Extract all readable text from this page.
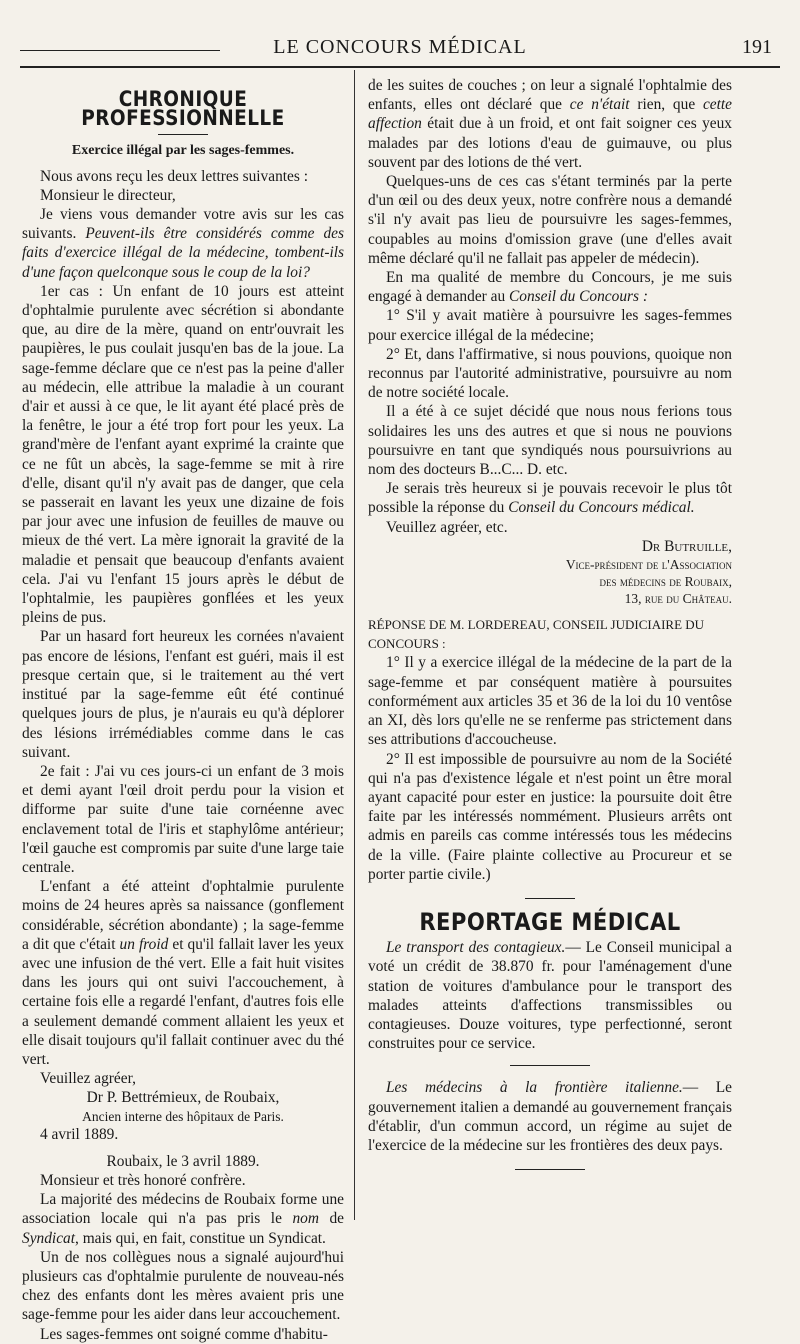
LE CONCOURS MÉDICAL	191
CHRONIQUE PROFESSIONNELLE
Exercice illégal par les sages-femmes.

Nous avons reçu les deux lettres suivantes :

Monsieur le directeur,

Je viens vous demander votre avis sur les cas suivants. Peuvent-ils être considérés comme des faits d'exercice illégal de la médecine, tombent-ils d'une façon quelconque sous le coup de la loi?

1er cas : Un enfant de 10 jours est atteint d'ophtalmie purulente avec sécrétion si abondante que, au dire de la mère, quand on entr'ouvrait les paupières, le pus coulait jusqu'en bas de la joue. La sage-femme déclare que ce n'est pas la peine d'aller au médecin, elle attribue la maladie à un courant d'air et aussi à ce que, le lit ayant été placé près de la fenêtre, le jour a été trop fort pour les yeux. La grand'mère de l'enfant ayant exprimé la crainte que ce ne fût un abcès, la sage-femme se mit à rire d'elle, disant qu'il n'y avait pas de danger, que cela se passerait en lavant les yeux une dizaine de fois par jour avec une infusion de feuilles de mauve ou mieux de thé vert. La mère ignorait la gravité de la maladie et pensait que beaucoup d'enfants avaient cela. J'ai vu l'enfant 15 jours après le début de l'ophtalmie, les paupières gonflées et les yeux pleins de pus.

Par un hasard fort heureux les cornées n'avaient pas encore de lésions, l'enfant est guéri, mais il est presque certain que, si le traitement au thé vert institué par la sage-femme eût été continué quelques jours de plus, je n'aurais eu qu'à déplorer des lésions irrémédiables comme dans le cas suivant.

2e fait : J'ai vu ces jours-ci un enfant de 3 mois et demi ayant l'œil droit perdu pour la vision et difforme par suite d'une taie cornéenne avec enclavement total de l'iris et staphylôme antérieur; l'œil gauche est compromis par suite d'une large taie centrale.

L'enfant a été atteint d'ophtalmie purulente moins de 24 heures après sa naissance (gonflement considérable, sécrétion abondante) ; la sage-femme a dit que c'était un froid et qu'il fallait laver les yeux avec une infusion de thé vert. Elle a fait huit visites dans les jours qui ont suivi l'accouchement, à certaine fois elle a regardé l'enfant, d'autres fois elle a seulement demandé comment allaient les yeux et elle disait toujours qu'il fallait continuer avec du thé vert.

Veuillez agréer,

Dr P. Bettrémieux, de Roubaix,

Ancien interne des hôpitaux de Paris.

4 avril 1889.

Roubaix, le 3 avril 1889.

Monsieur et très honoré confrère.

La majorité des médecins de Roubaix forme une association locale qui n'a pas pris le nom de Syndicat, mais qui, en fait, constitue un Syndicat.

Un de nos collègues nous a signalé aujourd'hui plusieurs cas d'ophtalmie purulente de nouveau-nés chez des enfants dont les mères avaient pris une sage-femme pour les aider dans leur accouchement.

Les sages-femmes ont soigné comme d'habitu-

de les suites de couches ; on leur a signalé l'ophtalmie des enfants, elles ont déclaré que ce n'était rien, que cette affection était due à un froid, et ont fait soigner ces yeux malades par des lotions d'eau de guimauve, ou plus souvent par des lotions de thé vert.

Quelques-uns de ces cas s'étant terminés par la perte d'un œil ou des deux yeux, notre confrère nous a demandé s'il n'y avait pas lieu de poursuivre les sages-femmes, coupables au moins d'omission grave (une d'elles avait même déclaré qu'il ne fallait pas appeler de médecin).

En ma qualité de membre du Concours, je me suis engagé à demander au Conseil du Concours :

1° S'il y avait matière à poursuivre les sages-femmes pour exercice illégal de la médecine;

2° Et, dans l'affirmative, si nous pouvions, quoique non reconnus par l'autorité administrative, poursuivre au nom de notre société locale.

Il a été à ce sujet décidé que nous nous ferions tous solidaires les uns des autres et que si nous ne pouvions poursuivre en tant que syndiqués nous poursuivrions au nom des docteurs B...C... D. etc.

Je serais très heureux si je pouvais recevoir le plus tôt possible la réponse du Conseil du Concours médical.

Veuillez agréer, etc.

Dr Butruille,

Vice-président de l'Association

des médecins de Roubaix,

13, rue du Château.

RÉPONSE DE M. LORDEREAU, CONSEIL JUDICIAIRE DU CONCOURS :

1° Il y a exercice illégal de la médecine de la part de la sage-femme et par conséquent matière à poursuites conformément aux articles 35 et 36 de la loi du 10 ventôse an XI, dès lors qu'elle ne se renferme pas strictement dans ses attributions d'accoucheuse.

2° Il est impossible de poursuivre au nom de la Société qui n'a pas d'existence légale et n'est point un être moral ayant capacité pour ester en justice: la poursuite doit être faite par les intéressés nommément. Plusieurs arrêts ont admis en pareils cas comme intéressés tous les médecins de la ville. (Faire plainte collective au Procureur et se porter partie civile.)

REPORTAGE MÉDICAL

Le transport des contagieux.— Le Conseil municipal a voté un crédit de 38.870 fr. pour l'aménagement d'une station de voitures d'ambulance pour le transport des malades atteints d'affections transmissibles ou contagieuses. Douze voitures, type perfectionné, seront construites pour ce service.

Les médecins à la frontière italienne.— Le gouvernement italien a demandé au gouvernement français d'établir, d'un commun accord, un régime au sujet de l'exercice de la médecine sur les frontières des deux pays.
